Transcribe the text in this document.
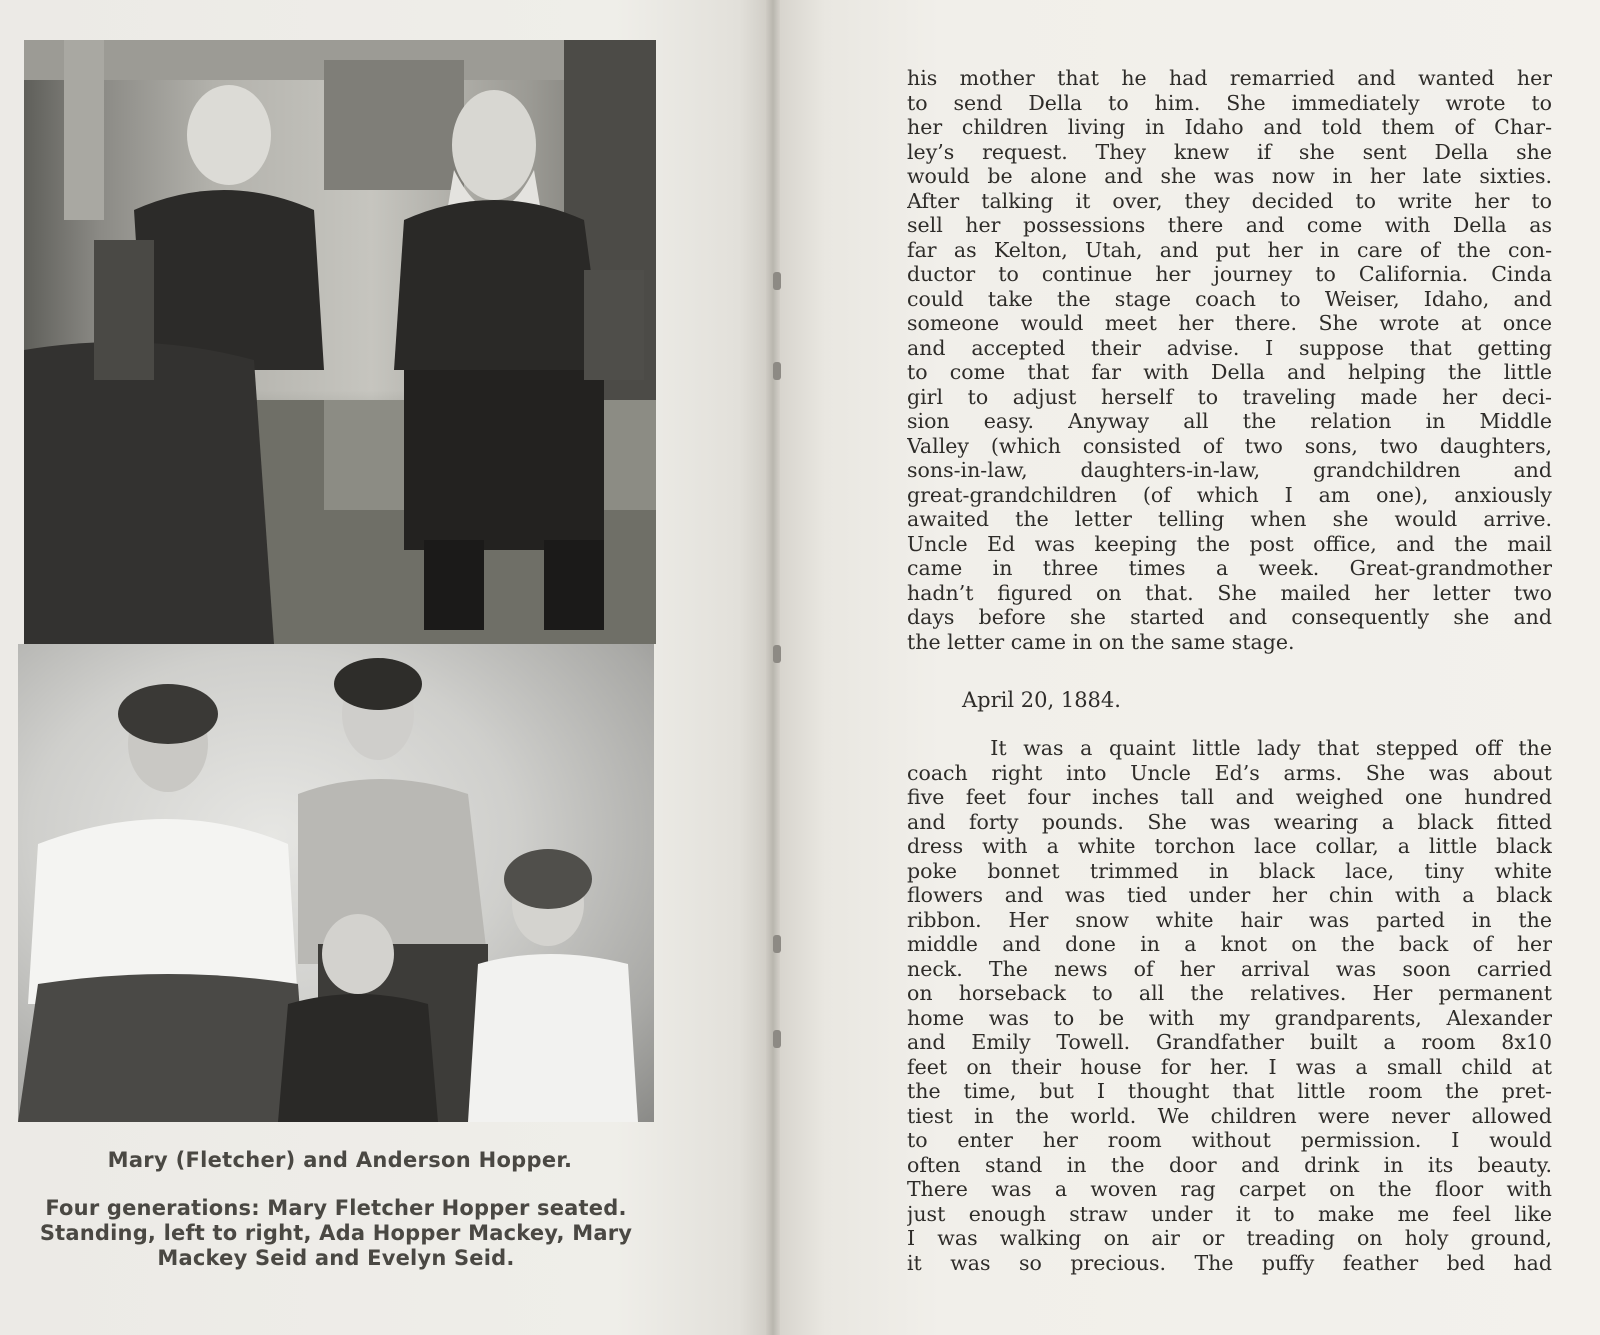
Mary (Fletcher) and Anderson Hopper.
Four generations: Mary Fletcher Hopper seated.
Standing, left to right, Ada Hopper Mackey, Mary
Mackey Seid and Evelyn Seid.
his mother that he had remarried and wanted her
to send Della to him. She immediately wrote to
her children living in Idaho and told them of Char-
ley’s request. They knew if she sent Della she
would be alone and she was now in her late sixties.
After talking it over, they decided to write her to
sell her possessions there and come with Della as
far as Kelton, Utah, and put her in care of the con-
ductor to continue her journey to California. Cinda
could take the stage coach to Weiser, Idaho, and
someone would meet her there. She wrote at once
and accepted their advise. I suppose that getting
to come that far with Della and helping the little
girl to adjust herself to traveling made her deci-
sion easy. Anyway all the relation in Middle
Valley (which consisted of two sons, two daughters,
sons-in-law, daughters-in-law, grandchildren and
great-grandchildren (of which I am one), anxiously
awaited the letter telling when she would arrive.
Uncle Ed was keeping the post office, and the mail
came in three times a week. Great-grandmother
hadn’t figured on that. She mailed her letter two
days before she started and consequently she and
the letter came in on the same stage.
April 20, 1884.
It was a quaint little lady that stepped off the
coach right into Uncle Ed’s arms. She was about
five feet four inches tall and weighed one hundred
and forty pounds. She was wearing a black fitted
dress with a white torchon lace collar, a little black
poke bonnet trimmed in black lace, tiny white
flowers and was tied under her chin with a black
ribbon. Her snow white hair was parted in the
middle and done in a knot on the back of her
neck. The news of her arrival was soon carried
on horseback to all the relatives. Her permanent
home was to be with my grandparents, Alexander
and Emily Towell. Grandfather built a room 8x10
feet on their house for her. I was a small child at
the time, but I thought that little room the pret-
tiest in the world. We children were never allowed
to enter her room without permission. I would
often stand in the door and drink in its beauty.
There was a woven rag carpet on the floor with
just enough straw under it to make me feel like
I was walking on air or treading on holy ground,
it was so precious. The puffy feather bed had
